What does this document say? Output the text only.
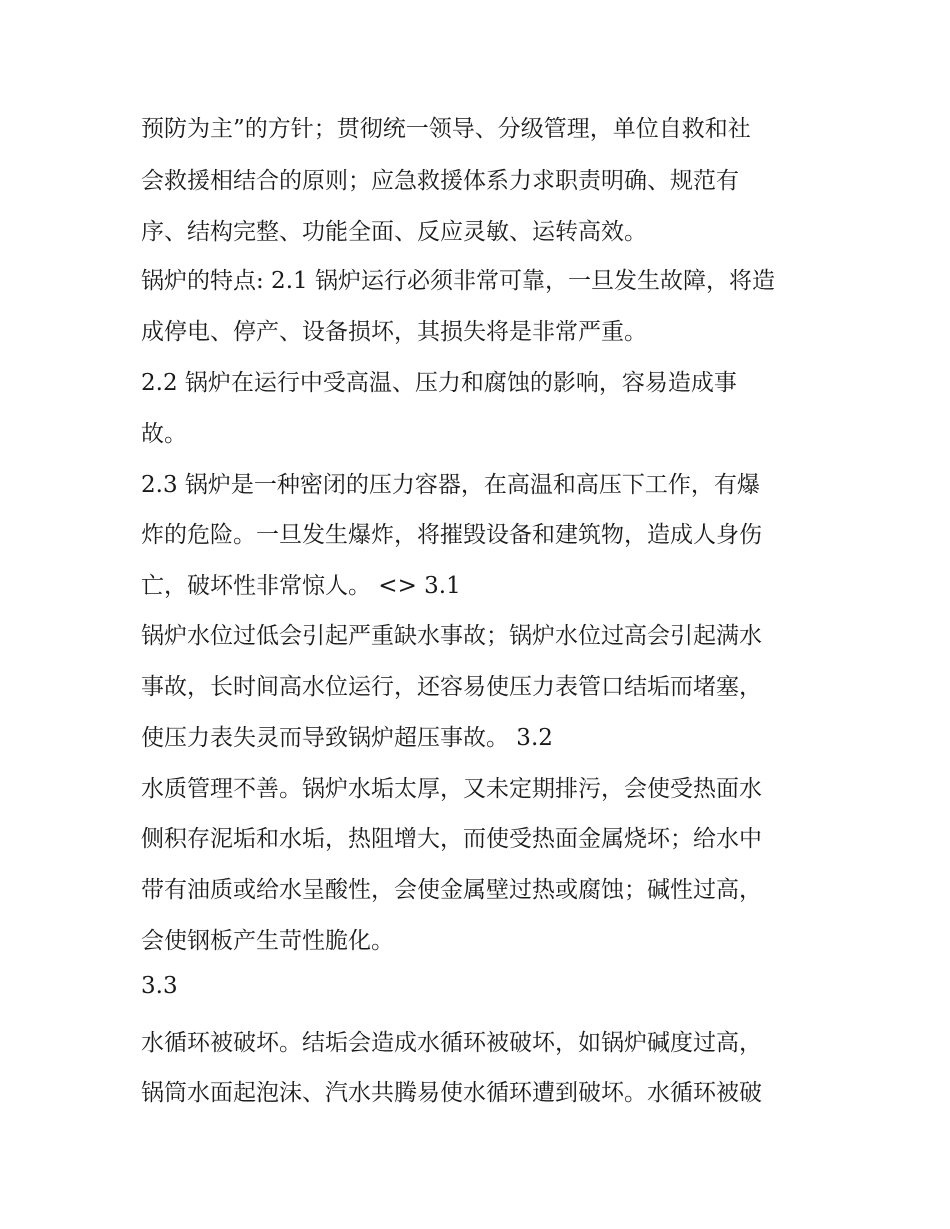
预防为主”的方针；贯彻统一领导、分级管理，单位自救和社
会救援相结合的原则；应急救援体系力求职责明确、规范有
序、结构完整、功能全面、反应灵敏、运转高效。
锅炉的特点: 2.1 锅炉运行必须非常可靠，一旦发生故障，将造
成停电、停产、设备损坏，其损失将是非常严重。
2.2 锅炉在运行中受高温、压力和腐蚀的影响，容易造成事
故。
2.3 锅炉是一种密闭的压力容器，在高温和高压下工作，有爆
炸的危险。一旦发生爆炸，将摧毁设备和建筑物，造成人身伤
亡，破坏性非常惊人。 <> 3.1
锅炉水位过低会引起严重缺水事故；锅炉水位过高会引起满水
事故，长时间高水位运行，还容易使压力表管口结垢而堵塞，
使压力表失灵而导致锅炉超压事故。 3.2
水质管理不善。锅炉水垢太厚，又未定期排污，会使受热面水
侧积存泥垢和水垢，热阻增大，而使受热面金属烧坏；给水中
带有油质或给水呈酸性，会使金属壁过热或腐蚀；碱性过高，
会使钢板产生苛性脆化。
3.3
水循环被破坏。结垢会造成水循环被破坏，如锅炉碱度过高，
锅筒水面起泡沫、汽水共腾易使水循环遭到破坏。水循环被破
